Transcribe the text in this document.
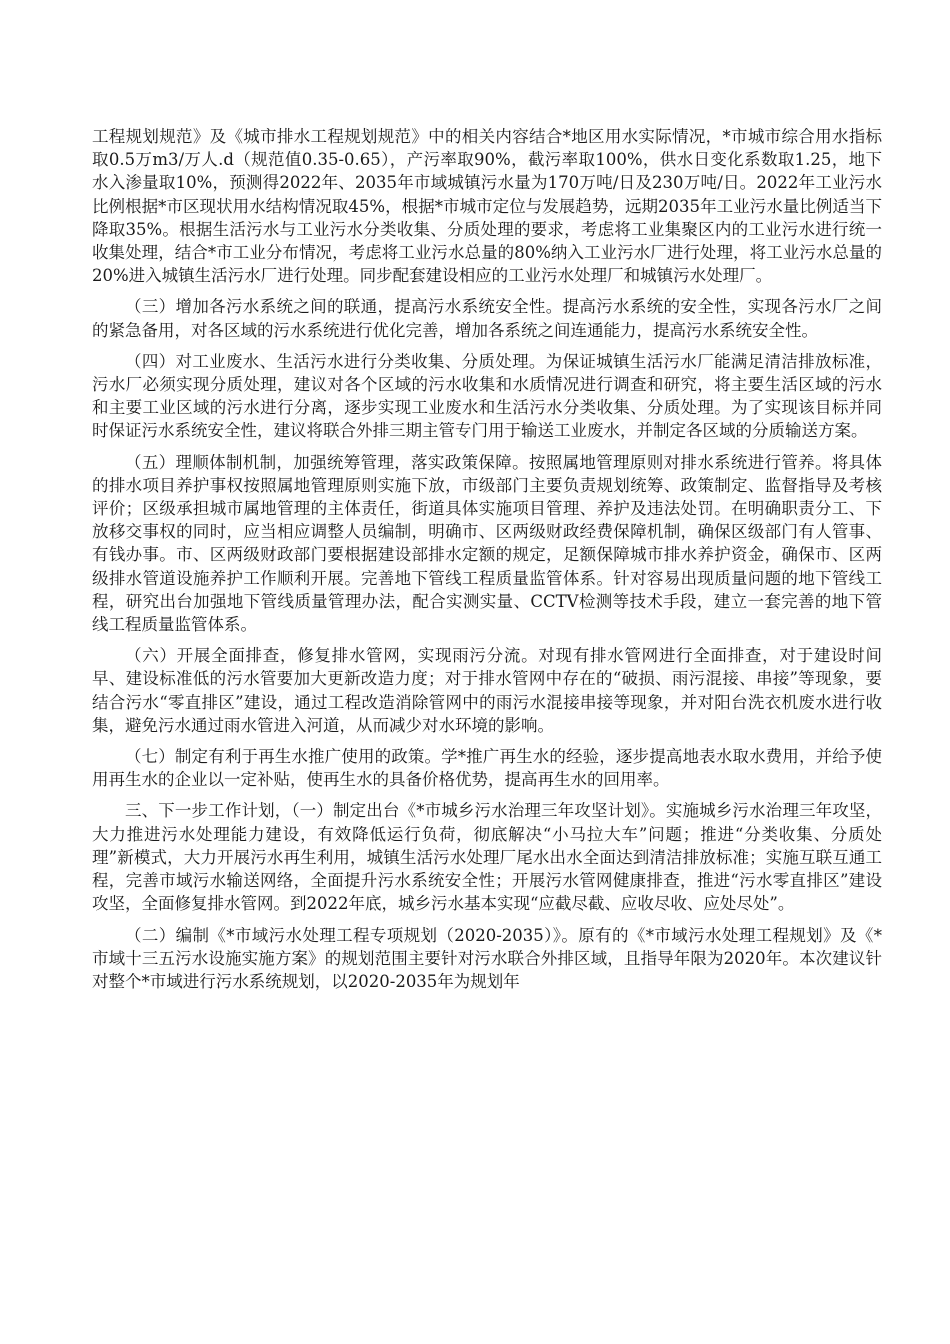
工程规划规范》及《城市排水工程规划规范》中的相关内容结合*地区用水实际情况，*市城市综合用水指标取0.5万m3/万人.d（规范值0.35-0.65），产污率取90%，截污率取100%，供水日变化系数取1.25，地下水入渗量取10%，预测得2022年、2035年市域城镇污水量为170万吨/日及230万吨/日。2022年工业污水比例根据*市区现状用水结构情况取45%，根据*市城市定位与发展趋势，远期2035年工业污水量比例适当下降取35%。根据生活污水与工业污水分类收集、分质处理的要求，考虑将工业集聚区内的工业污水进行统一收集处理，结合*市工业分布情况，考虑将工业污水总量的80%纳入工业污水厂进行处理，将工业污水总量的20%进入城镇生活污水厂进行处理。同步配套建设相应的工业污水处理厂和城镇污水处理厂。

（三）增加各污水系统之间的联通，提高污水系统安全性。提高污水系统的安全性，实现各污水厂之间的紧急备用，对各区域的污水系统进行优化完善，增加各系统之间连通能力，提高污水系统安全性。

（四）对工业废水、生活污水进行分类收集、分质处理。为保证城镇生活污水厂能满足清洁排放标准，污水厂必须实现分质处理，建议对各个区域的污水收集和水质情况进行调查和研究，将主要生活区域的污水和主要工业区域的污水进行分离，逐步实现工业废水和生活污水分类收集、分质处理。为了实现该目标并同时保证污水系统安全性，建议将联合外排三期主管专门用于输送工业废水，并制定各区域的分质输送方案。

（五）理顺体制机制，加强统筹管理，落实政策保障。按照属地管理原则对排水系统进行管养。将具体的排水项目养护事权按照属地管理原则实施下放，市级部门主要负责规划统筹、政策制定、监督指导及考核评价；区级承担城市属地管理的主体责任，街道具体实施项目管理、养护及违法处罚。在明确职责分工、下放移交事权的同时，应当相应调整人员编制，明确市、区两级财政经费保障机制，确保区级部门有人管事、有钱办事。市、区两级财政部门要根据建设部排水定额的规定，足额保障城市排水养护资金，确保市、区两级排水管道设施养护工作顺利开展。完善地下管线工程质量监管体系。针对容易出现质量问题的地下管线工程，研究出台加强地下管线质量管理办法，配合实测实量、CCTV检测等技术手段，建立一套完善的地下管线工程质量监管体系。

（六）开展全面排查，修复排水管网，实现雨污分流。对现有排水管网进行全面排查，对于建设时间早、建设标准低的污水管要加大更新改造力度；对于排水管网中存在的“破损、雨污混接、串接”等现象，要结合污水“零直排区”建设，通过工程改造消除管网中的雨污水混接串接等现象，并对阳台洗衣机废水进行收集，避免污水通过雨水管进入河道，从而减少对水环境的影响。

（七）制定有利于再生水推广使用的政策。学*推广再生水的经验，逐步提高地表水取水费用，并给予使用再生水的企业以一定补贴，使再生水的具备价格优势，提高再生水的回用率。

三、下一步工作计划，（一）制定出台《*市城乡污水治理三年攻坚计划》。实施城乡污水治理三年攻坚，大力推进污水处理能力建设，有效降低运行负荷，彻底解决“小马拉大车”问题；推进“分类收集、分质处理”新模式，大力开展污水再生利用，城镇生活污水处理厂尾水出水全面达到清洁排放标准；实施互联互通工程，完善市域污水输送网络，全面提升污水系统安全性；开展污水管网健康排查，推进“污水零直排区”建设攻坚，全面修复排水管网。到2022年底，城乡污水基本实现“应截尽截、应收尽收、应处尽处”。

（二）编制《*市域污水处理工程专项规划（2020-2035）》。原有的《*市域污水处理工程规划》及《*市域十三五污水设施实施方案》的规划范围主要针对污水联合外排区域，且指导年限为2020年。本次建议针对整个*市域进行污水系统规划，以2020-2035年为规划年
